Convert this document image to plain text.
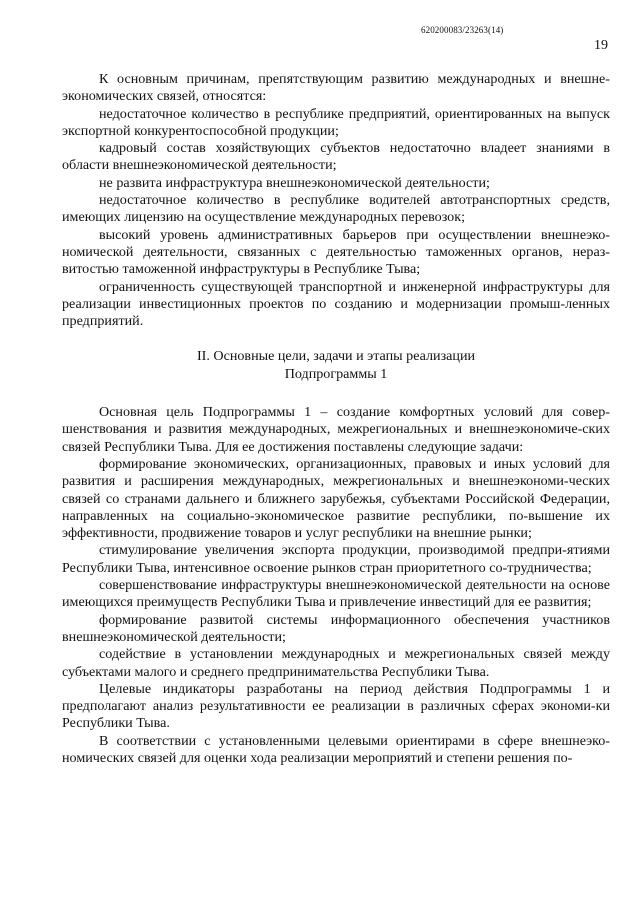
620200083/23263(14)
19

К основным причинам, препятствующим развитию международных и внешне-экономических связей, относятся:

недостаточное количество в республике предприятий, ориентированных на выпуск экспортной конкурентоспособной продукции;

кадровый состав хозяйствующих субъектов недостаточно владеет знаниями в области внешнеэкономической деятельности;

не развита инфраструктура внешнеэкономической деятельности;

недостаточное количество в республике водителей автотранспортных средств, имеющих лицензию на осуществление международных перевозок;

высокий уровень административных барьеров при осуществлении внешнеэко-номической деятельности, связанных с деятельностью таможенных органов, нераз-витостью таможенной инфраструктуры в Республике Тыва;

ограниченность существующей транспортной и инженерной инфраструктуры для реализации инвестиционных проектов по созданию и модернизации промыш-ленных предприятий.

II. Основные цели, задачи и этапы реализации
Подпрограммы 1

Основная цель Подпрограммы 1 – создание комфортных условий для совер-шенствования и развития международных, межрегиональных и внешнеэкономиче-ских связей Республики Тыва. Для ее достижения поставлены следующие задачи:

формирование экономических, организационных, правовых и иных условий для развития и расширения международных, межрегиональных и внешнеэкономи-ческих связей со странами дальнего и ближнего зарубежья, субъектами Российской Федерации, направленных на социально-экономическое развитие республики, по-вышение их эффективности, продвижение товаров и услуг республики на внешние рынки;

стимулирование увеличения экспорта продукции, производимой предпри-ятиями Республики Тыва, интенсивное освоение рынков стран приоритетного со-трудничества;

совершенствование инфраструктуры внешнеэкономической деятельности на основе имеющихся преимуществ Республики Тыва и привлечение инвестиций для ее развития;

формирование развитой системы информационного обеспечения участников внешнеэкономической деятельности;

содействие в установлении международных и межрегиональных связей между субъектами малого и среднего предпринимательства Республики Тыва.

Целевые индикаторы разработаны на период действия Подпрограммы 1 и предполагают анализ результативности ее реализации в различных сферах экономи-ки Республики Тыва.

В соответствии с установленными целевыми ориентирами в сфере внешнеэко-номических связей для оценки хода реализации мероприятий и степени решения по-
